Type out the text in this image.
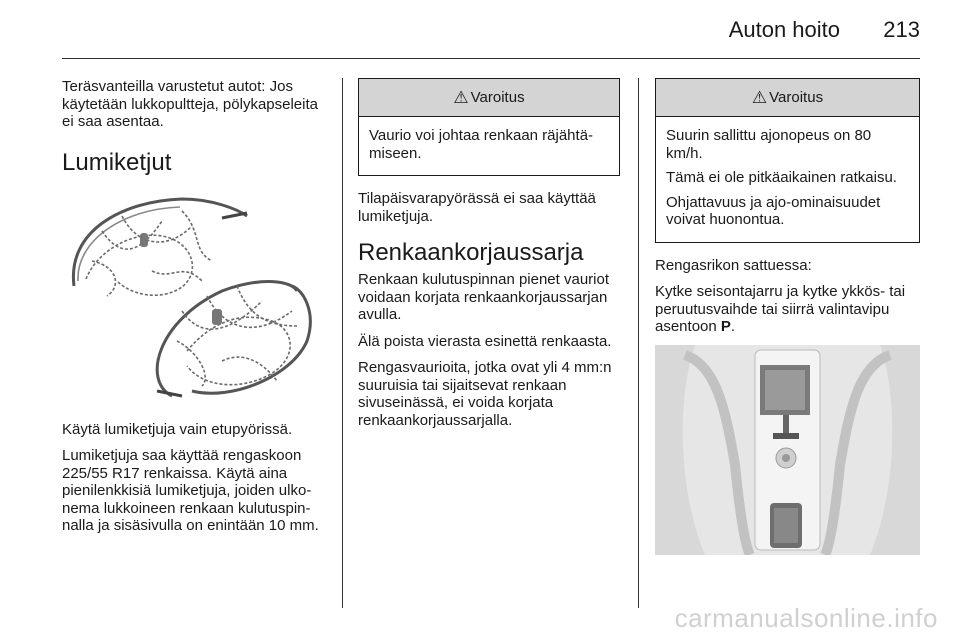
Auton hoito 213

Teräsvanteilla varustetut autot: Jos käytetään lukkopultteja, pölykapseleita ei saa asentaa.

Lumiketjut

Käytä lumiketjuja vain etupyörissä.

Lumiketjuja saa käyttää rengaskoon 225/55 R17 renkaissa. Käytä aina pienilenkkisiä lumiketjuja, joiden ulkonema lukkoineen renkaan kulutuspinnalla ja sisäsivulla on enintään 10 mm.

⚠ Varoitus

Vaurio voi johtaa renkaan räjähtämiseen.

Tilapäisvarapyörässä ei saa käyttää lumiketjuja.

Renkaankorjaussarja

Renkaan kulutuspinnan pienet vauriot voidaan korjata renkaankorjaussarjan avulla.

Älä poista vierasta esinettä renkaasta.

Rengasvaurioita, jotka ovat yli 4 mm:n suuruisia tai sijaitsevat renkaan sivuseinässä, ei voida korjata renkaankorjaussarjalla.

⚠ Varoitus

Suurin sallittu ajonopeus on 80 km/h.

Tämä ei ole pitkäaikainen ratkaisu.

Ohjattavuus ja ajo-ominaisuudet voivat huonontua.

Rengasrikon sattuessa:

Kytke seisontajarru ja kytke ykkös- tai peruutusvaihde tai siirrä valintavipu asentoon P.

carmanualsonline.info
